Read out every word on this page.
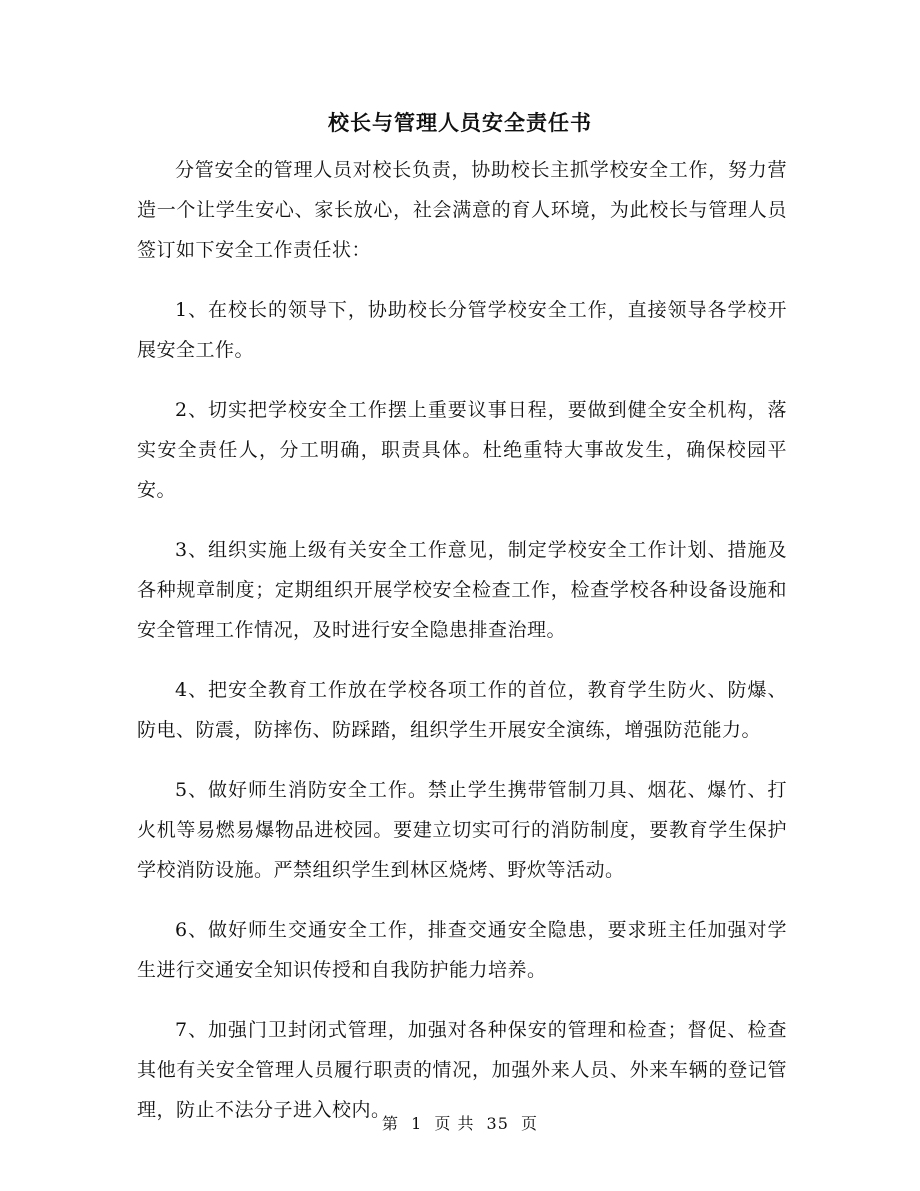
校长与管理人员安全责任书

分管安全的管理人员对校长负责，协助校长主抓学校安全工作，努力营造一个让学生安心、家长放心，社会满意的育人环境，为此校长与管理人员签订如下安全工作责任状：

1、在校长的领导下，协助校长分管学校安全工作，直接领导各学校开展安全工作。

2、切实把学校安全工作摆上重要议事日程，要做到健全安全机构，落实安全责任人，分工明确，职责具体。杜绝重特大事故发生，确保校园平安。

3、组织实施上级有关安全工作意见，制定学校安全工作计划、措施及各种规章制度；定期组织开展学校安全检查工作，检查学校各种设备设施和安全管理工作情况，及时进行安全隐患排查治理。

4、把安全教育工作放在学校各项工作的首位，教育学生防火、防爆、防电、防震，防摔伤、防踩踏，组织学生开展安全演练，增强防范能力。

5、做好师生消防安全工作。禁止学生携带管制刀具、烟花、爆竹、打火机等易燃易爆物品进校园。要建立切实可行的消防制度，要教育学生保护学校消防设施。严禁组织学生到林区烧烤、野炊等活动。

6、做好师生交通安全工作，排查交通安全隐患，要求班主任加强对学生进行交通安全知识传授和自我防护能力培养。

7、加强门卫封闭式管理，加强对各种保安的管理和检查；督促、检查其他有关安全管理人员履行职责的情况，加强外来人员、外来车辆的登记管理，防止不法分子进入校内。

第 1 页 共 35 页
